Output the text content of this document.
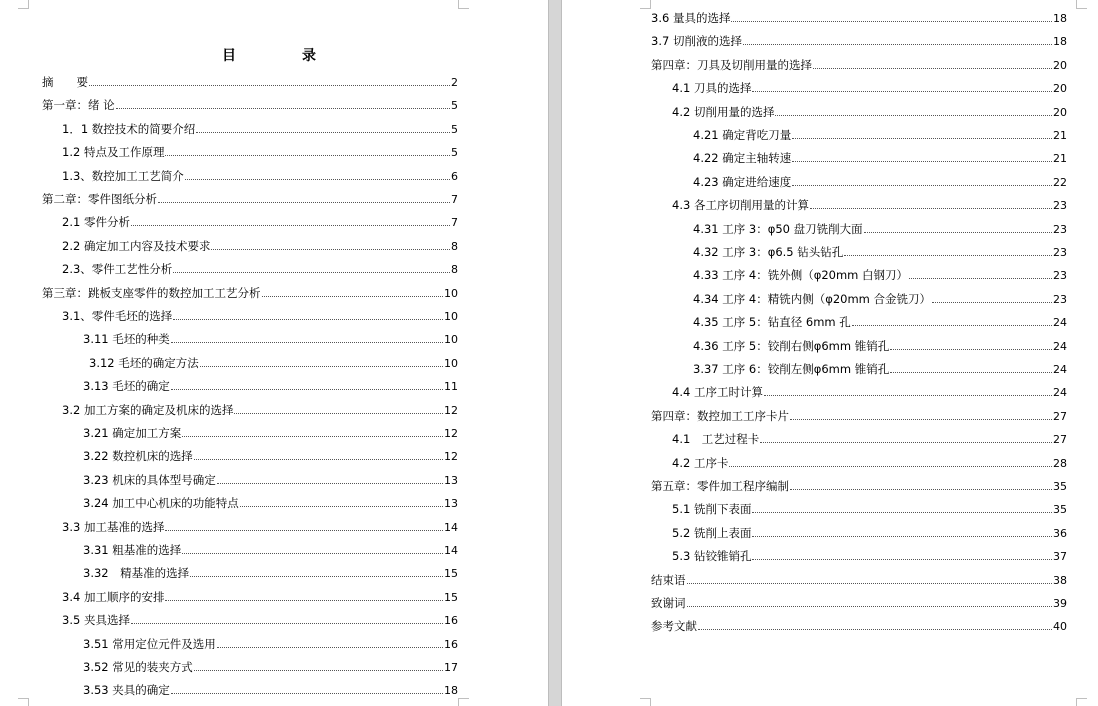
目　录
摘　　要	2
第一章：绪 论	5
1．1 数控技术的简要介绍	5
1.2 特点及工作原理	5
1.3、数控加工工艺简介	6
第二章：零件图纸分析	7
2.1 零件分析	7
2.2 确定加工内容及技术要求	8
2.3、零件工艺性分析	8
第三章：跳板支座零件的数控加工工艺分析	10
3.1、零件毛坯的选择	10
3.11 毛坯的种类	10
3.12 毛坯的确定方法	10
3.13 毛坯的确定	11
3.2 加工方案的确定及机床的选择	12
3.21 确定加工方案	12
3.22 数控机床的选择	12
3.23 机床的具体型号确定	13
3.24 加工中心机床的功能特点	13
3.3 加工基准的选择	14
3.31 粗基准的选择	14
3.32　精基准的选择	15
3.4 加工顺序的安排	15
3.5 夹具选择	16
3.51 常用定位元件及选用	16
3.52 常见的装夹方式	17
3.53 夹具的确定	18
3.6 量具的选择	18
3.7 切削液的选择	18
第四章：刀具及切削用量的选择	20
4.1 刀具的选择	20
4.2 切削用量的选择	20
4.21 确定背吃刀量	21
4.22 确定主轴转速	21
4.23 确定进给速度	22
4.3 各工序切削用量的计算	23
4.31 工序 3：φ50 盘刀铣削大面	23
4.32 工序 3：φ6.5 钻头钻孔	23
4.33 工序 4：铣外侧（φ20mm 白钢刀）	23
4.34 工序 4：精铣内侧（φ20mm 合金铣刀）	23
4.35 工序 5：钻直径 6mm 孔	24
4.36 工序 5：铰削右侧φ6mm 锥销孔	24
3.37 工序 6：铰削左侧φ6mm 锥销孔	24
4.4 工序工时计算	24
第四章：数控加工工序卡片	27
4.1　工艺过程卡	27
4.2 工序卡	28
第五章：零件加工程序编制	35
5.1 铣削下表面	35
5.2 铣削上表面	36
5.3 钻铰锥销孔	37
结束语	38
致谢词	39
参考文献	40
